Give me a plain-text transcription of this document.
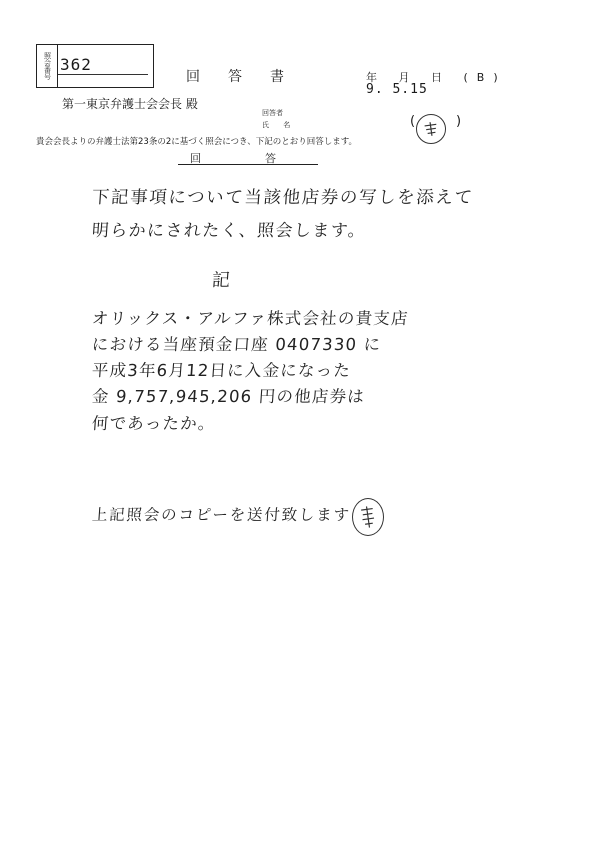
照会番号 362
回答書	年 月 日 (B)
9. 5.15
第一東京弁護士会会長 殿
回答者
氏 名	(	)
貴会会長よりの弁護士法第23条の2に基づく照会につき、下記のとおり回答します。
回答
下記事項について当該他店券の写しを添えて
明らかにされたく、照会します。
記
オリックス・アルファ株式会社の貴支店
における当座預金口座 0407330 に
平成3年6月12日に入金になった
金 9,757,945,206 円の他店券は
何であったか。
上記照会のコピーを送付致します
